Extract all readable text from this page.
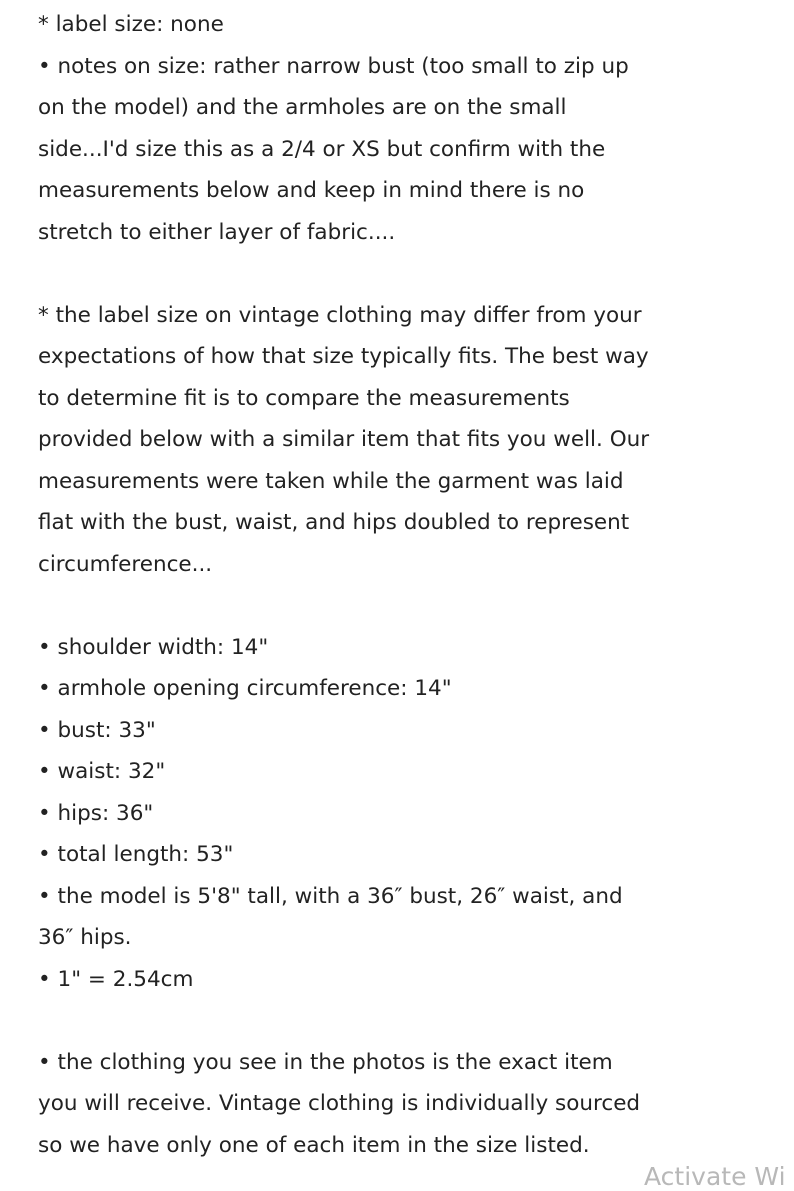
* label size: none
• notes on size: rather narrow bust (too small to zip up
on the model) and the armholes are on the small
side...I'd size this as a 2/4 or XS but confirm with the
measurements below and keep in mind there is no
stretch to either layer of fabric....
* the label size on vintage clothing may differ from your
expectations of how that size typically fits. The best way
to determine fit is to compare the measurements
provided below with a similar item that fits you well. Our
measurements were taken while the garment was laid
flat with the bust, waist, and hips doubled to represent
circumference...
• shoulder width: 14"
• armhole opening circumference: 14"
• bust: 33"
• waist: 32"
• hips: 36"
• total length: 53"
• the model is 5'8" tall, with a 36″ bust, 26″ waist, and
36″ hips.
• 1" = 2.54cm
• the clothing you see in the photos is the exact item
you will receive. Vintage clothing is individually sourced
so we have only one of each item in the size listed.
Activate Wi
